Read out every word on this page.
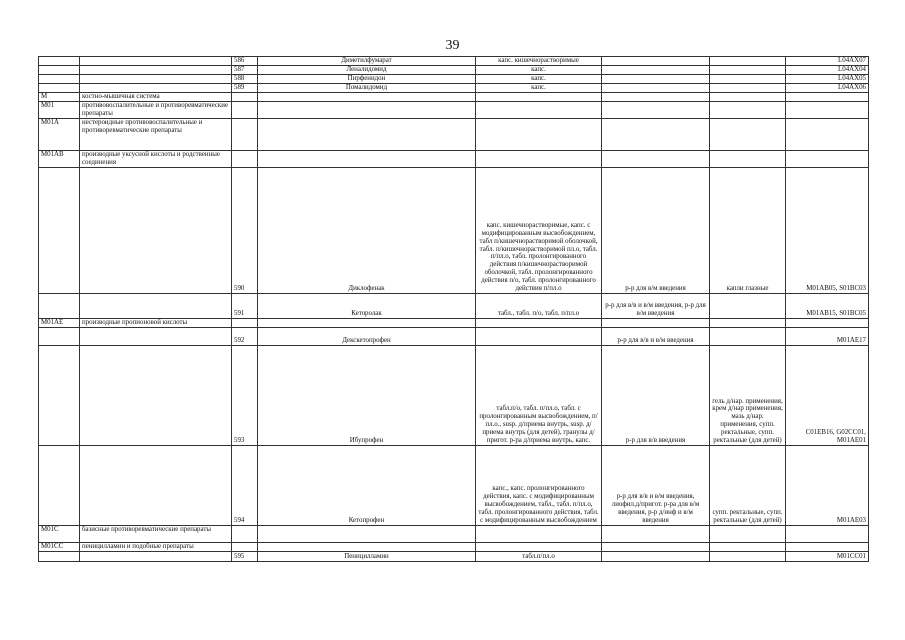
39
		586	Диметилфумарат	капс. кишечнорастворимые			L04AX07
		587	Леналидомид	капс.			L04AX04
		588	Пирфенидон	капс.			L04AX05
		589	Помалидомид	капс.			L04AX06
M	костно-мышечная система						
M01	противовоспалительные и противоревматические препараты						
M01A	нестероидные противовоспалительные и противоревматические препараты						
M01AB	производные уксусной кислоты и родственные соединения						
		590	Диклофенак	капс. кишечнорастворимые, капс. с модифицированным высвобождением, табл п/кишечнорастворимой оболочкой, табл. п/кишечнорастворимой пл.о, табл. п/пл.о, табл. пролонгированного действия п/кишечнорастворимой оболочкой, табл. пролонгированного действия п/о, табл. пролонгированного действия п/пл.о	р-р для в/м введения	капли глазные	M01AB05, S01BC03
		591	Кеторолак	табл., табл. п/о, табл. п/пл.о	р-р для в/в и в/м введения, р-р для в/м введения		M01AB15, S01BC05
M01AE	производные пропионовой кислоты						
		592	Декскетопрофен		р-р для в/в и в/м введения		M01AE17
		593	Ибупрофен	табл.п/о, табл. п/пл.о, табл. с пролонгированным высвобождением, п/пл.о., susp. д/приема внутрь, susp. д/приема внутрь (для детей), гранулы д/пригот. р-ра д/приема внутрь, капс.	р-р для в/в введения	гель д/нар. применения, крем д/нар применения, мазь д/нар. применения, супп. ректальные, супп. ректальные (для детей)	C01EB16, G02CC01, M01AE01
		594	Кетопрофен	капс., капс. пролонгированного действия, капс. с модифицированным высвобождением, табл., табл. п/пл.о, табл. пролонгированного действия, табл. с модифицированным высвобождением	р-р для в/в и в/м введения, лиофил.д/пригот. р-ра для в/м введения, р-р д/инф и в/м введения	супп. ректальные, супп. ректальные (для детей)	M01AE03
M01C	базисные противоревматические препараты						
M01CC	пеницилламин и подобные препараты						
		595	Пеницилламин	табл.п/пл.о			M01CC01
